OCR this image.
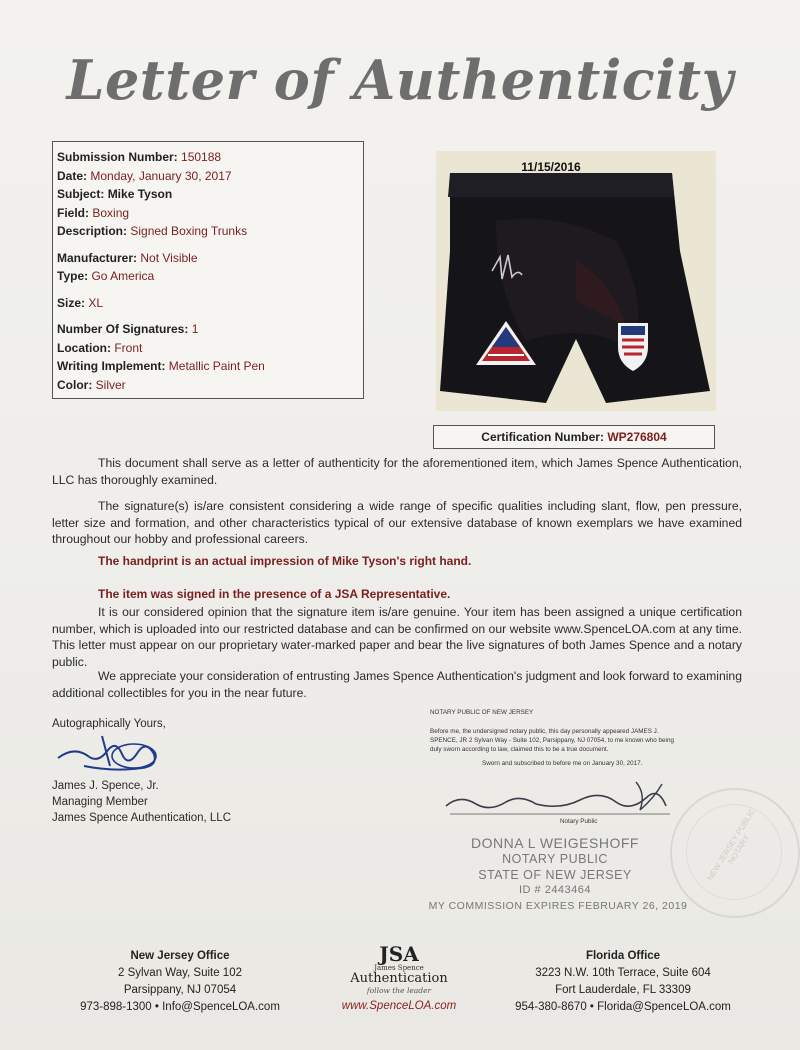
Letter of Authenticity
Submission Number: 150188
Date: Monday, January 30, 2017
Subject: Mike Tyson
Field: Boxing
Description: Signed Boxing Trunks
Manufacturer: Not Visible
Type: Go America
Size: XL
Number Of Signatures: 1
Location: Front
Writing Implement: Metallic Paint Pen
Color: Silver
11/15/2016
Certification Number: WP276804
This document shall serve as a letter of authenticity for the aforementioned item, which James Spence Authentication, LLC has thoroughly examined.
The signature(s) is/are consistent considering a wide range of specific qualities including slant, flow, pen pressure, letter size and formation, and other characteristics typical of our extensive database of known exemplars we have examined throughout our hobby and professional careers.
The handprint is an actual impression of Mike Tyson's right hand.
The item was signed in the presence of a JSA Representative.
It is our considered opinion that the signature item is/are genuine. Your item has been assigned a unique certification number, which is uploaded into our restricted database and can be confirmed on our website www.SpenceLOA.com at any time. This letter must appear on our proprietary water-marked paper and bear the live signatures of both James Spence and a notary public.
We appreciate your consideration of entrusting James Spence Authentication's judgment and look forward to examining additional collectibles for you in the near future.
Autographically Yours,
James J. Spence, Jr.
Managing Member
James Spence Authentication, LLC
NOTARY PUBLIC OF NEW JERSEY
Before me, the undersigned notary public, this day personally appeared JAMES J.
SPENCE, JR 2 Sylvan Way - Suite 102, Parsippany, NJ 07054, to me known who being
duly sworn according to law, claimed this to be a true document.
Sworn and subscribed to before me on January 30, 2017.
Notary Public
DONNA L WEIGESHOFF
NOTARY PUBLIC
STATE OF NEW JERSEY
ID # 2443464
MY COMMISSION EXPIRES FEBRUARY 26, 2019
NEW JERSEY PUBLIC NOTARY
New Jersey Office
2 Sylvan Way, Suite 102
Parsippany, NJ 07054
973-898-1300 • Info@SpenceLOA.com
JSA
James Spence
Authentication
follow the leader
www.SpenceLOA.com
Florida Office
3223 N.W. 10th Terrace, Suite 604
Fort Lauderdale, FL 33309
954-380-8670 • Florida@SpenceLOA.com
